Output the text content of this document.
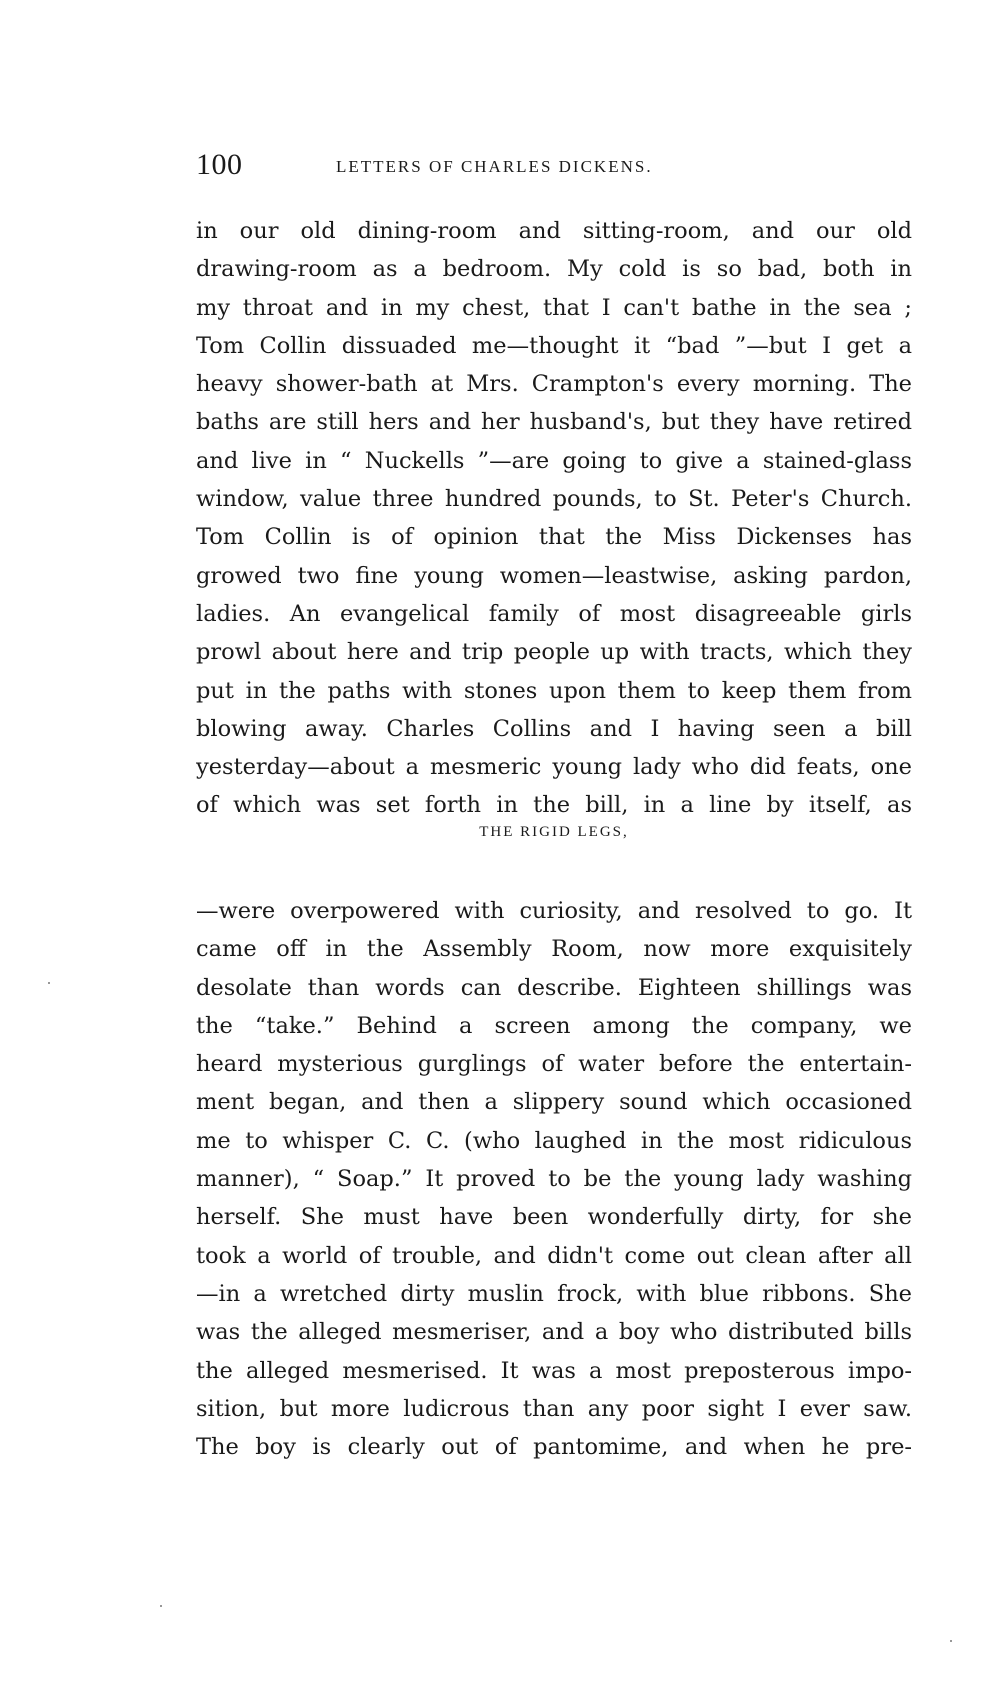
100	LETTERS OF CHARLES DICKENS.
in our old dining-room and sitting-room, and our old
drawing-room as a bedroom. My cold is so bad, both in
my throat and in my chest, that I can't bathe in the sea ;
Tom Collin dissuaded me—thought it “bad ”—but I get a
heavy shower-bath at Mrs. Crampton's every morning. The
baths are still hers and her husband's, but they have retired
and live in “ Nuckells ”—are going to give a stained-glass
window, value three hundred pounds, to St. Peter's Church.
Tom Collin is of opinion that the Miss Dickenses has
growed two fine young women—leastwise, asking pardon,
ladies. An evangelical family of most disagreeable girls
prowl about here and trip people up with tracts, which they
put in the paths with stones upon them to keep them from
blowing away. Charles Collins and I having seen a bill
yesterday—about a mesmeric young lady who did feats, one
of which was set forth in the bill, in a line by itself, as
THE RIGID LEGS,
—were overpowered with curiosity, and resolved to go. It
came off in the Assembly Room, now more exquisitely
desolate than words can describe. Eighteen shillings was
the “take.” Behind a screen among the company, we
heard mysterious gurglings of water before the entertain-
ment began, and then a slippery sound which occasioned
me to whisper C. C. (who laughed in the most ridiculous
manner), “ Soap.” It proved to be the young lady washing
herself. She must have been wonderfully dirty, for she
took a world of trouble, and didn't come out clean after all
—in a wretched dirty muslin frock, with blue ribbons. She
was the alleged mesmeriser, and a boy who distributed bills
the alleged mesmerised. It was a most preposterous impo-
sition, but more ludicrous than any poor sight I ever saw.
The boy is clearly out of pantomime, and when he pre-
